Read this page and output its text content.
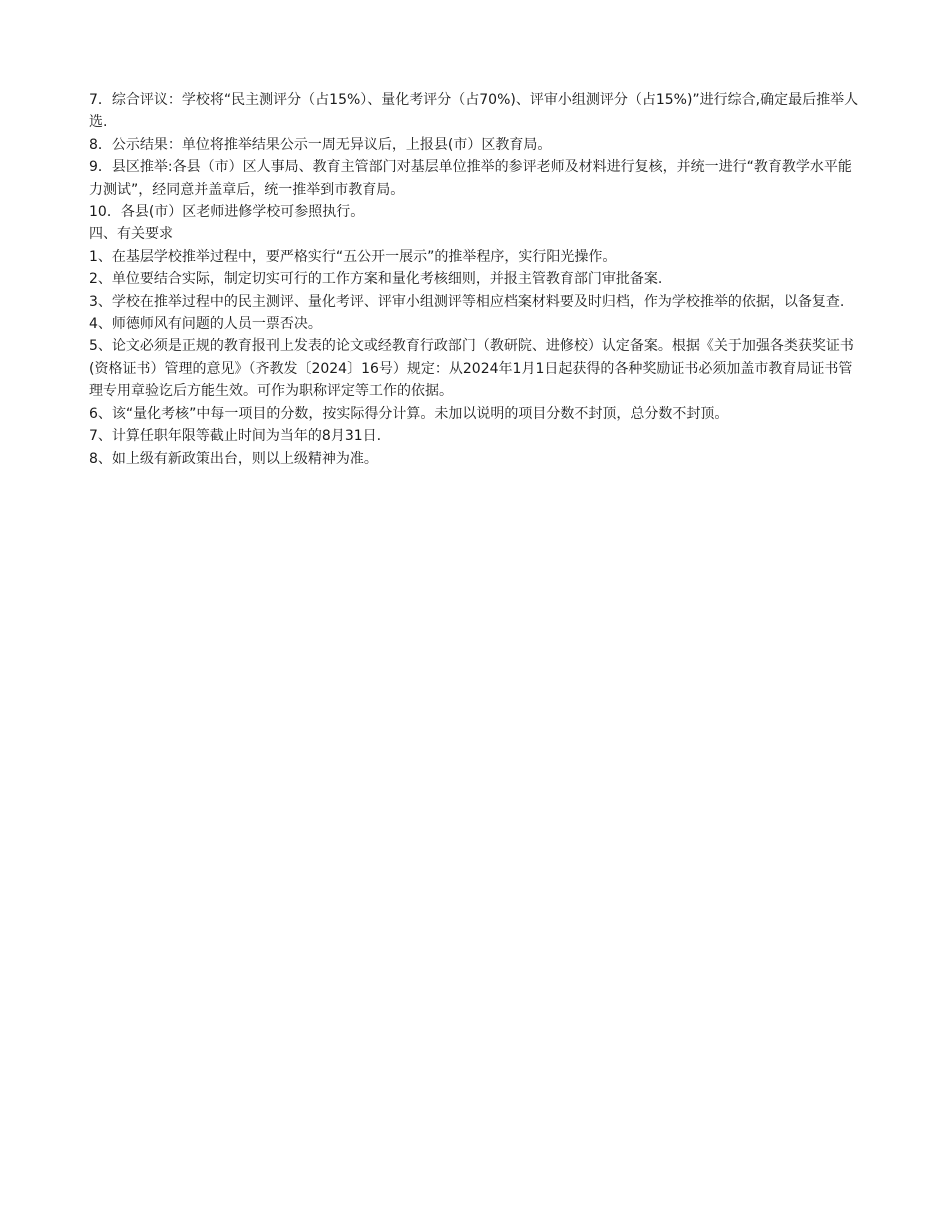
7．综合评议：学校将“民主测评分（占15%）、量化考评分（占70%)、评审小组测评分（占15%)”进行综合,确定最后推举人选.

8．公示结果：单位将推举结果公示一周无异议后，上报县(市）区教育局。

9．县区推举:各县（市）区人事局、教育主管部门对基层单位推举的参评老师及材料进行复核，并统一进行“教育教学水平能力测试”，经同意并盖章后，统一推举到市教育局。

10．各县(市）区老师进修学校可参照执行。

四、有关要求

1、在基层学校推举过程中，要严格实行“五公开一展示”的推举程序，实行阳光操作。

2、单位要结合实际，制定切实可行的工作方案和量化考核细则，并报主管教育部门审批备案.

3、学校在推举过程中的民主测评、量化考评、评审小组测评等相应档案材料要及时归档，作为学校推举的依据，以备复查.

4、师德师风有问题的人员一票否决。

5、论文必须是正规的教育报刊上发表的论文或经教育行政部门（教研院、进修校）认定备案。根据《关于加强各类获奖证书(资格证书）管理的意见》（齐教发〔2024〕16号）规定：从2024年1月1日起获得的各种奖励证书必须加盖市教育局证书管理专用章验讫后方能生效。可作为职称评定等工作的依据。

6、该“量化考核”中每一项目的分数，按实际得分计算。未加以说明的项目分数不封顶，总分数不封顶。

7、计算任职年限等截止时间为当年的8月31日.

8、如上级有新政策出台，则以上级精神为准。
